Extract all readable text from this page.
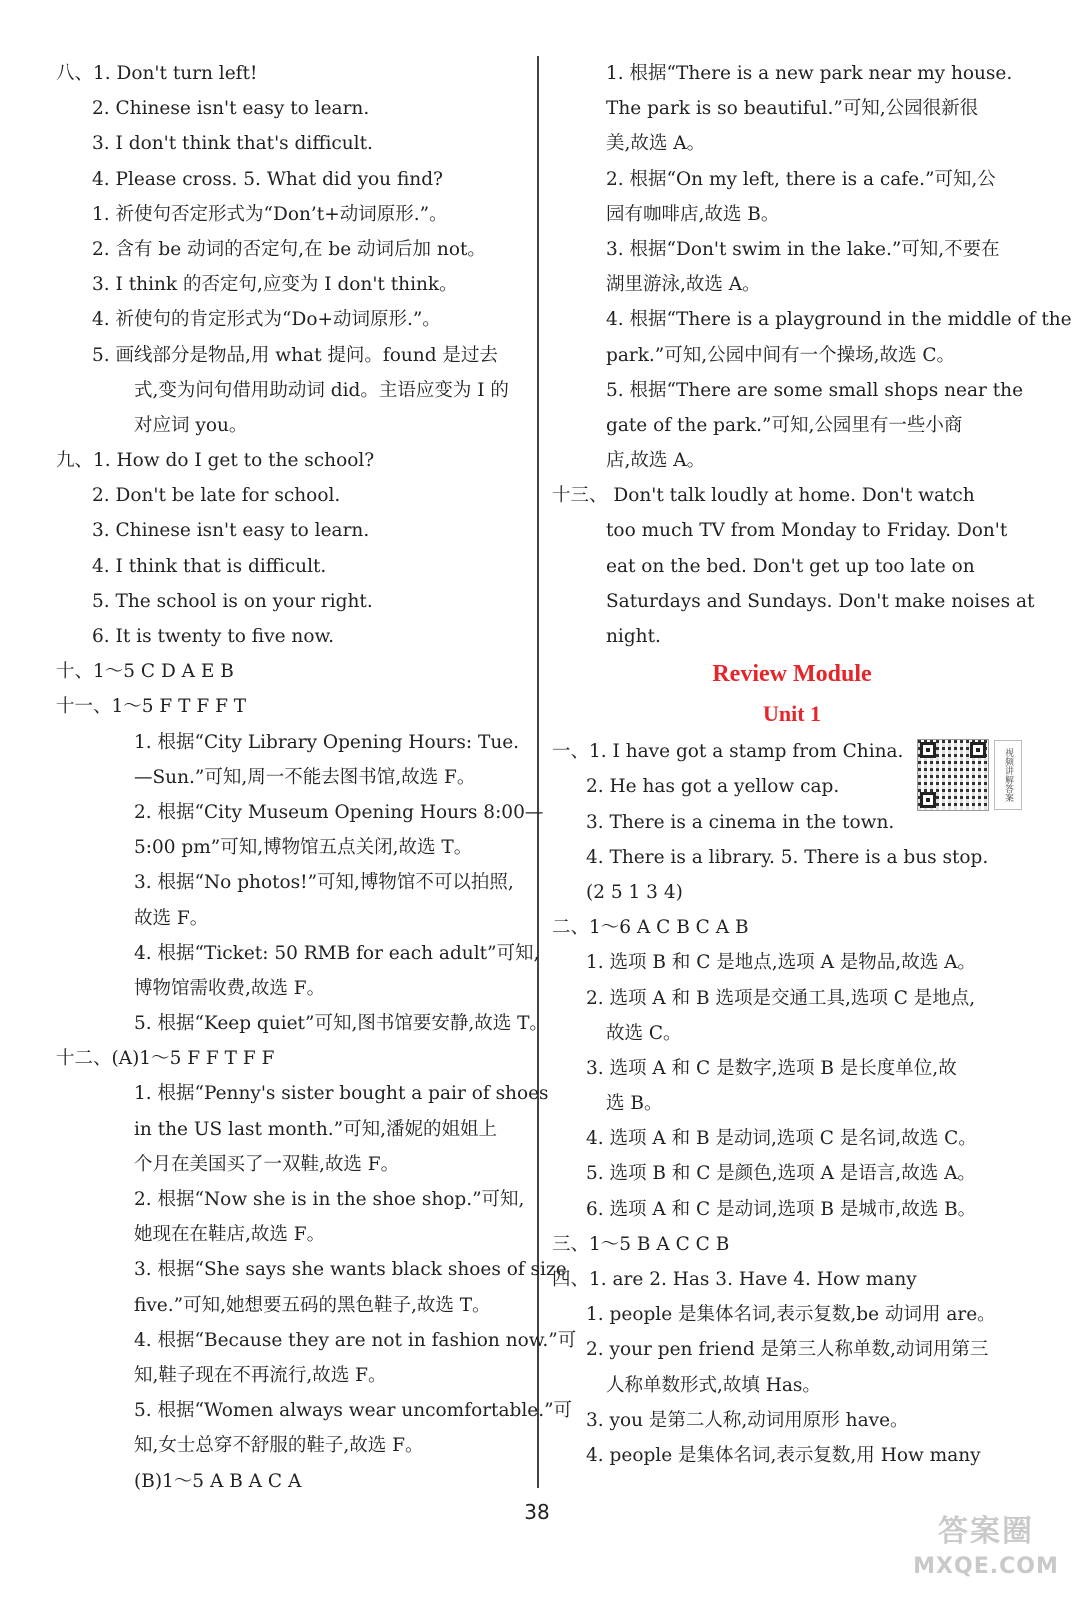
八、1. Don't turn left!
2. Chinese isn't easy to learn.
3. I don't think that's difficult.
4. Please cross. 5. What did you find?
1. 祈使句否定形式为“Don’t+动词原形.”。
2. 含有 be 动词的否定句,在 be 动词后加 not。
3. I think 的否定句,应变为 I don't think。
4. 祈使句的肯定形式为“Do+动词原形.”。
5. 画线部分是物品,用 what 提问。found 是过去
式,变为问句借用助动词 did。主语应变为 I 的
对应词 you。
九、1. How do I get to the school?
2. Don't be late for school.
3. Chinese isn't easy to learn.
4. I think that is difficult.
5. The school is on your right.
6. It is twenty to five now.
十、1～5 C D A E B
十一、1～5 F T F F T
1. 根据“City Library Opening Hours: Tue.
—Sun.”可知,周一不能去图书馆,故选 F。
2. 根据“City Museum Opening Hours 8:00—
5:00 pm”可知,博物馆五点关闭,故选 T。
3. 根据“No photos!”可知,博物馆不可以拍照,
故选 F。
4. 根据“Ticket: 50 RMB for each adult”可知,
博物馆需收费,故选 F。
5. 根据“Keep quiet”可知,图书馆要安静,故选 T。
十二、(A)1～5 F F T F F
1. 根据“Penny's sister bought a pair of shoes
in the US last month.”可知,潘妮的姐姐上
个月在美国买了一双鞋,故选 F。
2. 根据“Now she is in the shoe shop.”可知,
她现在在鞋店,故选 F。
3. 根据“She says she wants black shoes of size
five.”可知,她想要五码的黑色鞋子,故选 T。
4. 根据“Because they are not in fashion now.”可
知,鞋子现在不再流行,故选 F。
5. 根据“Women always wear uncomfortable.”可
知,女士总穿不舒服的鞋子,故选 F。
(B)1～5 A B A C A
1. 根据“There is a new park near my house.
The park is so beautiful.”可知,公园很新很
美,故选 A。
2. 根据“On my left, there is a cafe.”可知,公
园有咖啡店,故选 B。
3. 根据“Don't swim in the lake.”可知,不要在
湖里游泳,故选 A。
4. 根据“There is a playground in the middle of the
park.”可知,公园中间有一个操场,故选 C。
5. 根据“There are some small shops near the
gate of the park.”可知,公园里有一些小商
店,故选 A。
十三、 Don't talk loudly at home. Don't watch
too much TV from Monday to Friday. Don't
eat on the bed. Don't get up too late on
Saturdays and Sundays. Don't make noises at
night.
Review Module
Unit 1
一、1. I have got a stamp from China.
2. He has got a yellow cap.
3. There is a cinema in the town.
4. There is a library. 5. There is a bus stop.
(2 5 1 3 4)
二、1～6 A C B C A B
1. 选项 B 和 C 是地点,选项 A 是物品,故选 A。
2. 选项 A 和 B 选项是交通工具,选项 C 是地点,
故选 C。
3. 选项 A 和 C 是数字,选项 B 是长度单位,故
选 B。
4. 选项 A 和 B 是动词,选项 C 是名词,故选 C。
5. 选项 B 和 C 是颜色,选项 A 是语言,故选 A。
6. 选项 A 和 C 是动词,选项 B 是城市,故选 B。
三、1～5 B A C C B
四、1. are 2. Has 3. Have 4. How many
1. people 是集体名词,表示复数,be 动词用 are。
2. your pen friend 是第三人称单数,动词用第三
人称单数形式,故填 Has。
3. you 是第二人称,动词用原形 have。
4. people 是集体名词,表示复数,用 How many
视频讲解答案
38
答案圈
MXQE.COM
